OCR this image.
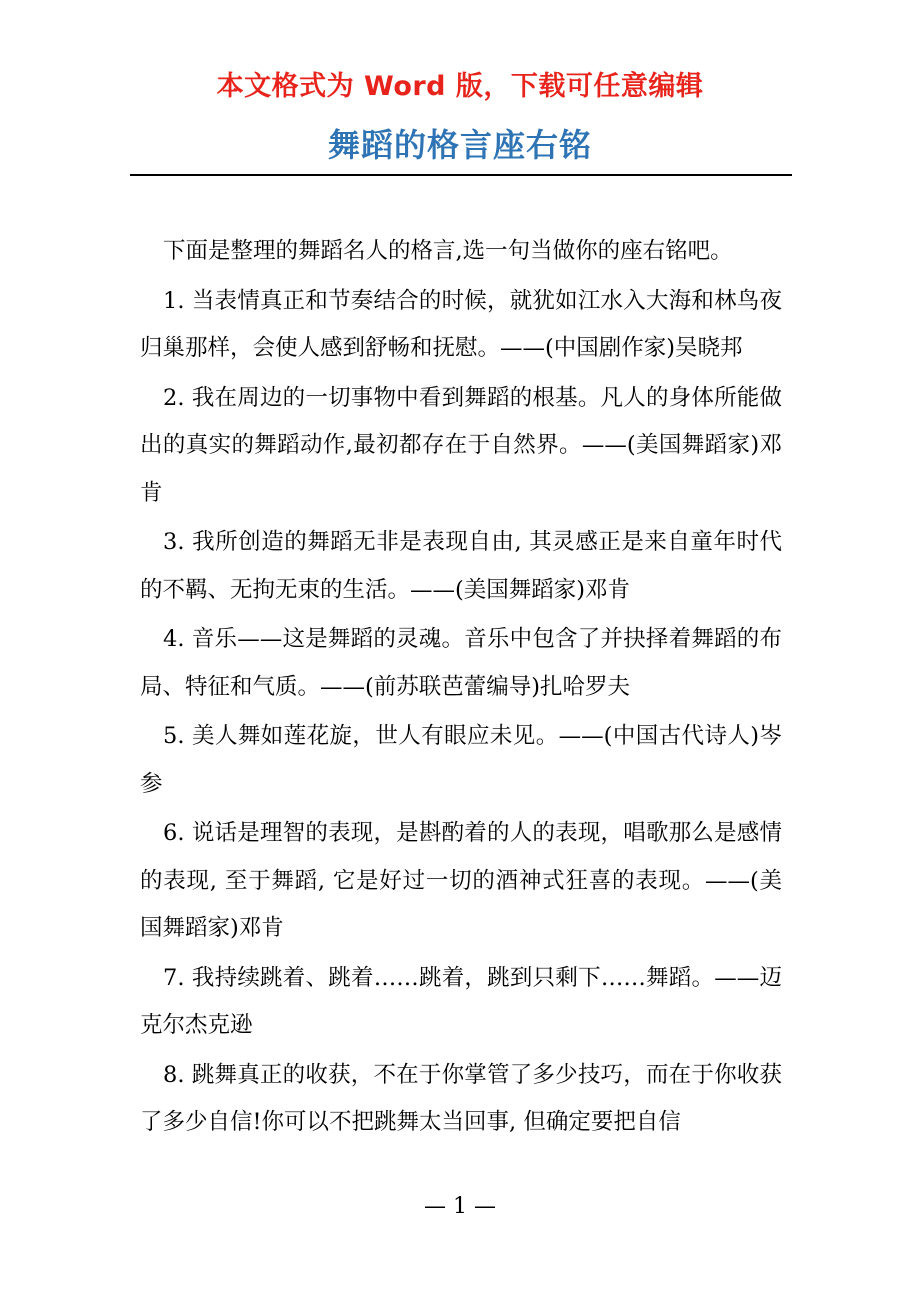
本文格式为 Word 版，下载可任意编辑
舞蹈的格言座右铭

下面是整理的舞蹈名人的格言,选一句当做你的座右铭吧。

1. 当表情真正和节奏结合的时候，就犹如江水入大海和林鸟夜归巢那样，会使人感到舒畅和抚慰。——(中国剧作家)吴晓邦

2. 我在周边的一切事物中看到舞蹈的根基。凡人的身体所能做出的真实的舞蹈动作,最初都存在于自然界。——(美国舞蹈家)邓肯

3. 我所创造的舞蹈无非是表现自由, 其灵感正是来自童年时代的不羁、无拘无束的生活。——(美国舞蹈家)邓肯

4. 音乐——这是舞蹈的灵魂。音乐中包含了并抉择着舞蹈的布局、特征和气质。——(前苏联芭蕾编导)扎哈罗夫

5. 美人舞如莲花旋，世人有眼应未见。——(中国古代诗人)岑参

6. 说话是理智的表现，是斟酌着的人的表现，唱歌那么是感情的表现, 至于舞蹈, 它是好过一切的酒神式狂喜的表现。——(美国舞蹈家)邓肯

7. 我持续跳着、跳着……跳着，跳到只剩下……舞蹈。——迈克尔杰克逊

8. 跳舞真正的收获，不在于你掌管了多少技巧，而在于你收获了多少自信!你可以不把跳舞太当回事, 但确定要把自信

— 1 —
